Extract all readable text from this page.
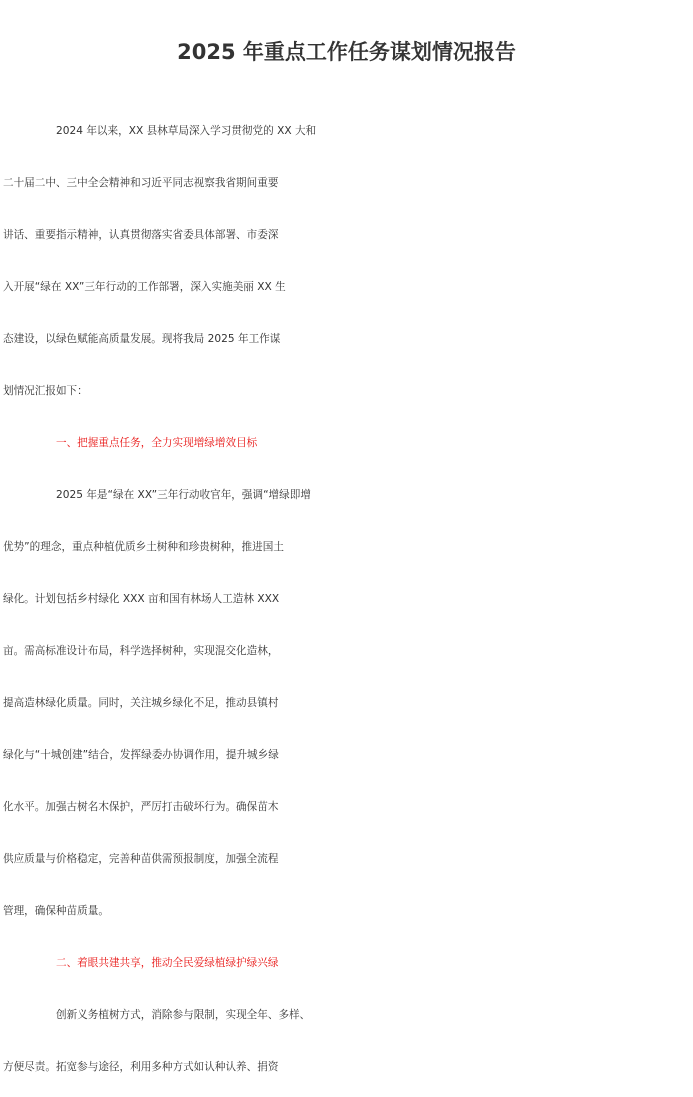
2025 年重点工作任务谋划情况报告
2024 年以来，XX 县林草局深入学习贯彻党的 XX 大和
二十届二中、三中全会精神和习近平同志视察我省期间重要
讲话、重要指示精神，认真贯彻落实省委具体部署、市委深
入开展“绿在 XX”三年行动的工作部署，深入实施美丽 XX 生
态建设，以绿色赋能高质量发展。现将我局 2025 年工作谋
划情况汇报如下：
一、把握重点任务，全力实现增绿增效目标
2025 年是“绿在 XX”三年行动收官年，强调“增绿即增
优势”的理念，重点种植优质乡土树种和珍贵树种，推进国土
绿化。计划包括乡村绿化 XXX 亩和国有林场人工造林 XXX
亩。需高标准设计布局，科学选择树种，实现混交化造林，
提高造林绿化质量。同时，关注城乡绿化不足，推动县镇村
绿化与“十城创建”结合，发挥绿委办协调作用，提升城乡绿
化水平。加强古树名木保护，严厉打击破坏行为。确保苗木
供应质量与价格稳定，完善种苗供需预报制度，加强全流程
管理，确保种苗质量。
二、着眼共建共享，推动全民爱绿植绿护绿兴绿
创新义务植树方式，消除参与限制，实现全年、多样、
方便尽责。拓宽参与途径，利用多种方式如认种认养、捐资
